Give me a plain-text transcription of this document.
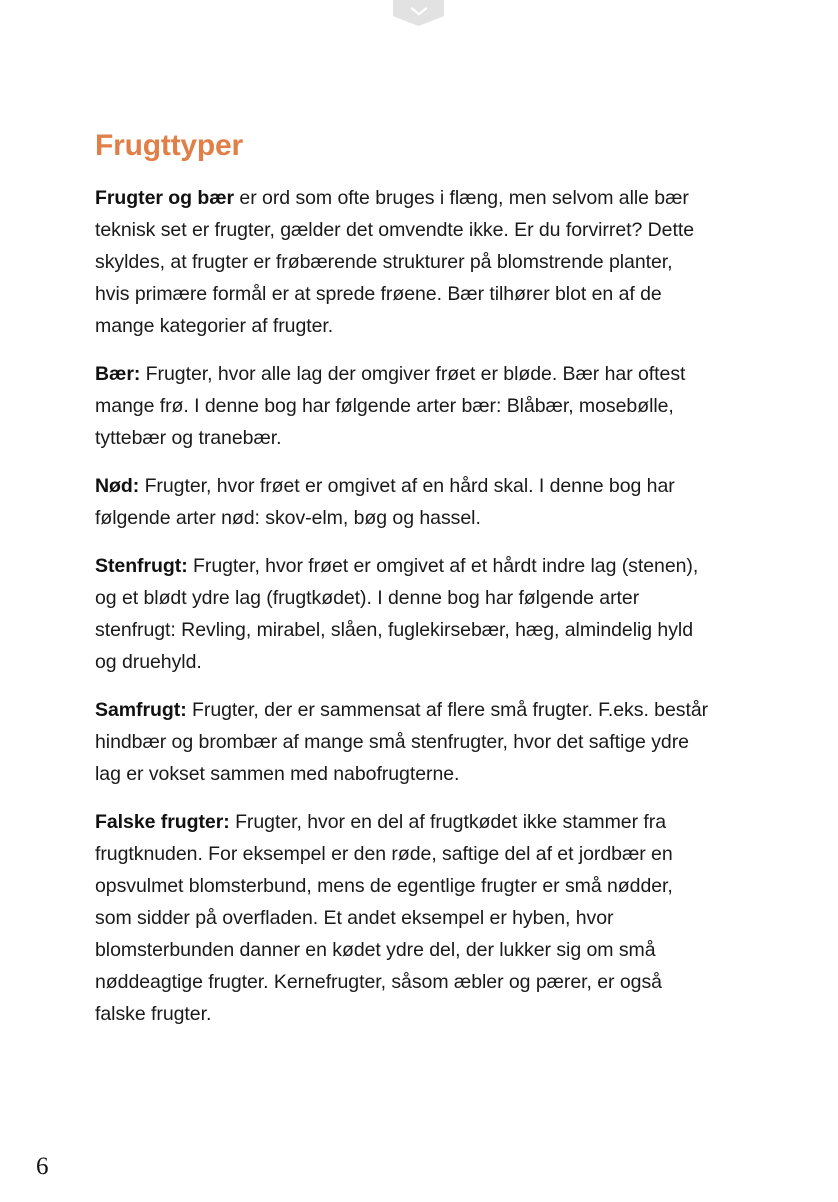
Frugttyper

Frugter og bær er ord som ofte bruges i flæng, men selvom alle bær teknisk set er frugter, gælder det omvendte ikke. Er du forvirret? Dette skyldes, at frugter er frøbærende strukturer på blomstrende planter, hvis primære formål er at sprede frøene. Bær tilhører blot en af de mange kategorier af frugter.

Bær: Frugter, hvor alle lag der omgiver frøet er bløde. Bær har oftest mange frø. I denne bog har følgende arter bær: Blåbær, mosebølle, tyttebær og tranebær.

Nød: Frugter, hvor frøet er omgivet af en hård skal. I denne bog har følgende arter nød: skov-elm, bøg og hassel.

Stenfrugt: Frugter, hvor frøet er omgivet af et hårdt indre lag (stenen), og et blødt ydre lag (frugtkødet). I denne bog har følgende arter stenfrugt: Revling, mirabel, slåen, fuglekirsebær, hæg, almindelig hyld og druehyld.

Samfrugt: Frugter, der er sammensat af flere små frugter. F.eks. består hindbær og brombær af mange små stenfrugter, hvor det saftige ydre lag er vokset sammen med nabofrugterne.

Falske frugter: Frugter, hvor en del af frugtkødet ikke stammer fra frugtknuden. For eksempel er den røde, saftige del af et jordbær en opsvulmet blomsterbund, mens de egentlige frugter er små nødder, som sidder på overfladen. Et andet eksempel er hyben, hvor blomsterbunden danner en kødet ydre del, der lukker sig om små nøddeagtige frugter. Kernefrugter, såsom æbler og pærer, er også falske frugter.

6
